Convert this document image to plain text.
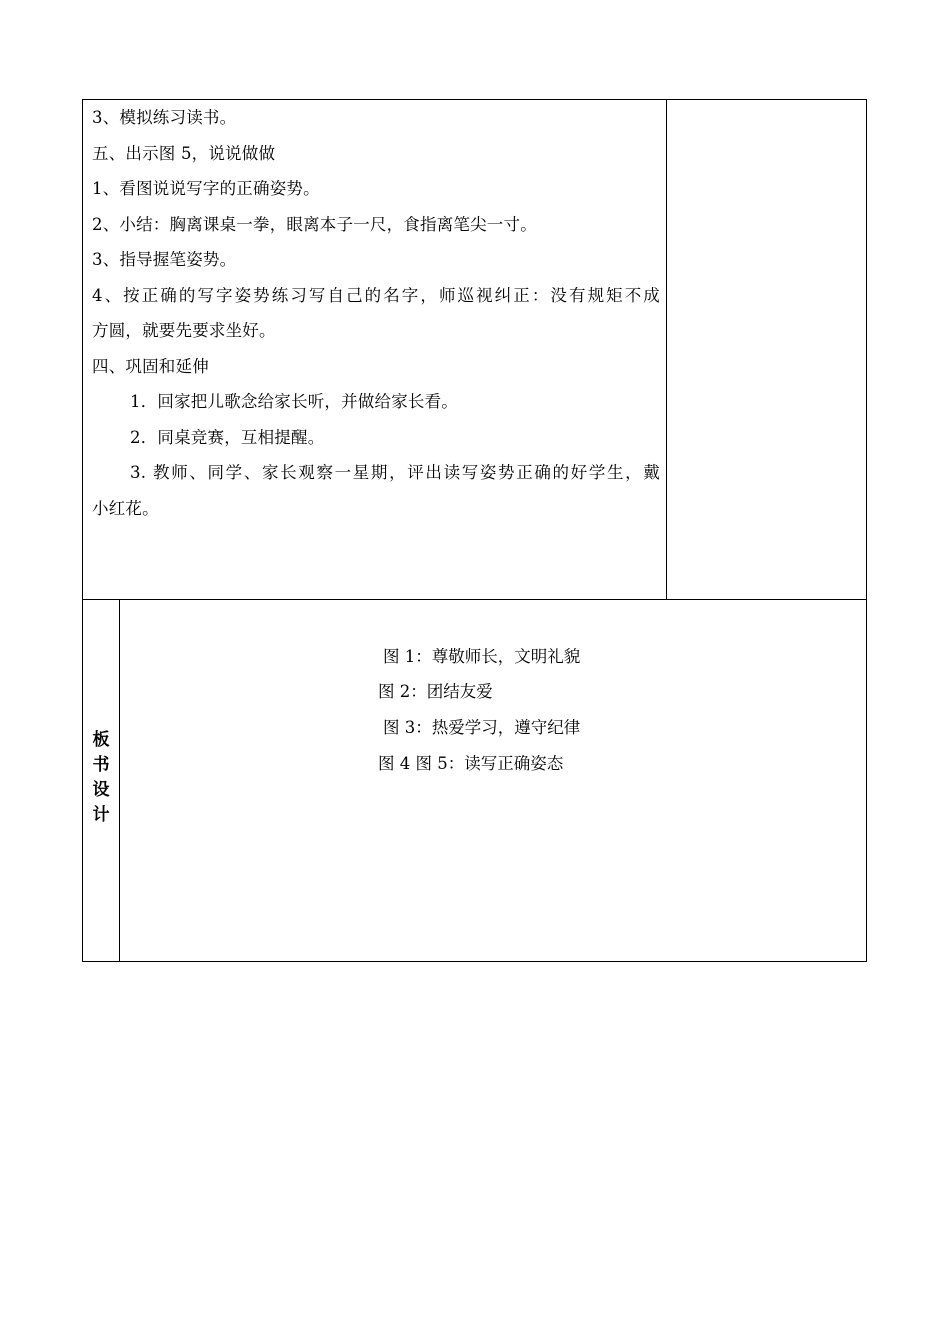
3、模拟练习读书。
五、出示图 5，说说做做
1、看图说说写字的正确姿势。
2、小结：胸离课桌一拳，眼离本子一尺，食指离笔尖一寸。
3、指导握笔姿势。
4、按正确的写字姿势练习写自己的名字，师巡视纠正：没有规矩不成
方圆，就要先要求坐好。
四、巩固和延伸
1．回家把儿歌念给家长听，并做给家长看。
2．同桌竞赛，互相提醒。
3. 教师、同学、家长观察一星期，评出读写姿势正确的好学生，戴
小红花。
板
书
设
计
图 1：尊敬师长，文明礼貌
图 2：团结友爱
图 3：热爱学习，遵守纪律
图 4 图 5：读写正确姿态
